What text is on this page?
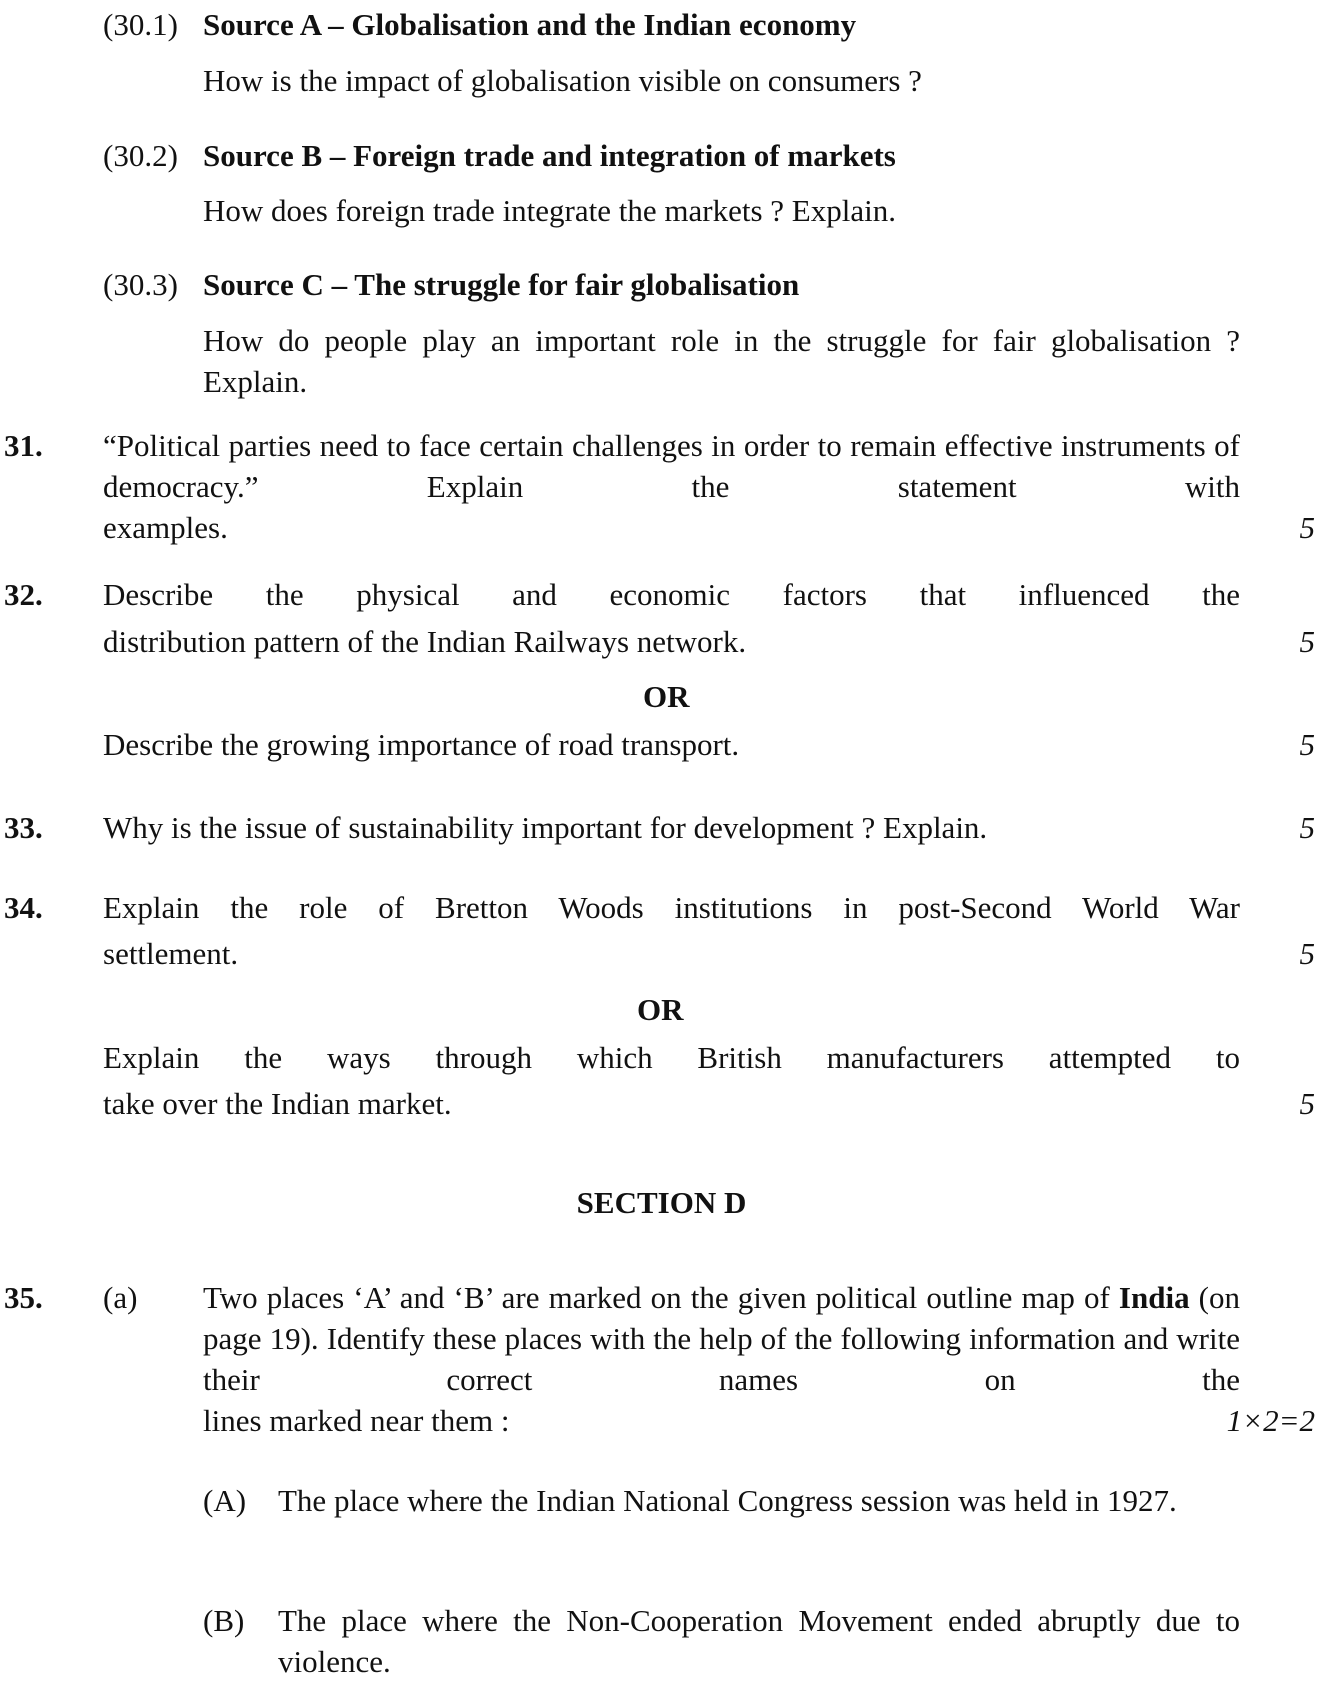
(30.1) Source A – Globalisation and the Indian economy
How is the impact of globalisation visible on consumers ?
(30.2) Source B – Foreign trade and integration of markets
How does foreign trade integrate the markets ? Explain.
(30.3) Source C – The struggle for fair globalisation
How do people play an important role in the struggle for fair globalisation ? Explain.
31. “Political parties need to face certain challenges in order to remain effective instruments of democracy.” Explain the statement with
examples.	5
32. Describe the physical and economic factors that influenced the
distribution pattern of the Indian Railways network.	5
OR
Describe the growing importance of road transport.	5
33. Why is the issue of sustainability important for development ? Explain.	5
34. Explain the role of Bretton Woods institutions in post-Second World War
settlement.	5
OR
Explain the ways through which British manufacturers attempted to
take over the Indian market.	5
SECTION D
35. (a) Two places ‘A’ and ‘B’ are marked on the given political outline map of India (on page 19). Identify these places with the help of the following information and write their correct names on the
lines marked near them :	1×2=2
(A) The place where the Indian National Congress session was held in 1927.
(B) The place where the Non-Cooperation Movement ended abruptly due to violence.
